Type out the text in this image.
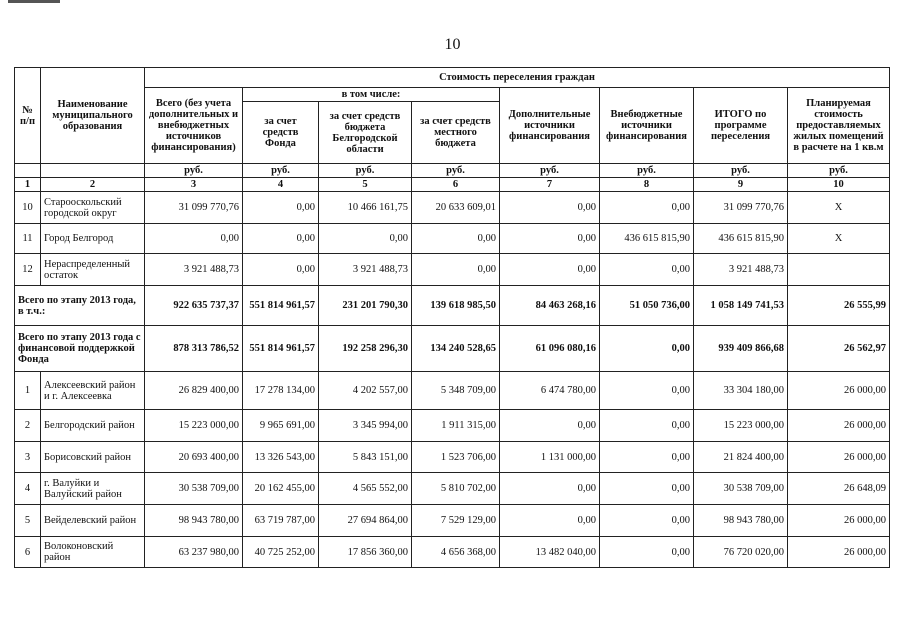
10
№ п/п	Наименование муниципального образования	Стоимость переселения граждан							
		Всего (без учета дополнительных и внебюджетных источников финансирования)	в том числе:			Дополнительные источники финансирования	Внебюджетные источники финансирования	ИТОГО по программе переселения	Планируемая стоимость предоставляемых жилых помещений в расчете на 1 кв.м
			за счет средств Фонда	за счет средств бюджета Белгородской области	за счет средств местного бюджета				
		руб.	руб.	руб.	руб.	руб.	руб.	руб.	руб.
1	2	3	4	5	6	7	8	9	10
10	Старооскольский городской округ	31 099 770,76	0,00	10 466 161,75	20 633 609,01	0,00	0,00	31 099 770,76	Х
11	Город Белгород	0,00	0,00	0,00	0,00	0,00	436 615 815,90	436 615 815,90	Х
12	Нераспределенный остаток	3 921 488,73	0,00	3 921 488,73	0,00	0,00	0,00	3 921 488,73	
Всего по этапу 2013 года, в т.ч.:		922 635 737,37	551 814 961,57	231 201 790,30	139 618 985,50	84 463 268,16	51 050 736,00	1 058 149 741,53	26 555,99
Всего по этапу 2013 года с финансовой поддержкой Фонда		878 313 786,52	551 814 961,57	192 258 296,30	134 240 528,65	61 096 080,16	0,00	939 409 866,68	26 562,97
1	Алексеевский район и г. Алексеевка	26 829 400,00	17 278 134,00	4 202 557,00	5 348 709,00	6 474 780,00	0,00	33 304 180,00	26 000,00
2	Белгородский район	15 223 000,00	9 965 691,00	3 345 994,00	1 911 315,00	0,00	0,00	15 223 000,00	26 000,00
3	Борисовский район	20 693 400,00	13 326 543,00	5 843 151,00	1 523 706,00	1 131 000,00	0,00	21 824 400,00	26 000,00
4	г. Валуйки и Валуйский район	30 538 709,00	20 162 455,00	4 565 552,00	5 810 702,00	0,00	0,00	30 538 709,00	26 648,09
5	Вейделевский район	98 943 780,00	63 719 787,00	27 694 864,00	7 529 129,00	0,00	0,00	98 943 780,00	26 000,00
6	Волоконовский район	63 237 980,00	40 725 252,00	17 856 360,00	4 656 368,00	13 482 040,00	0,00	76 720 020,00	26 000,00
